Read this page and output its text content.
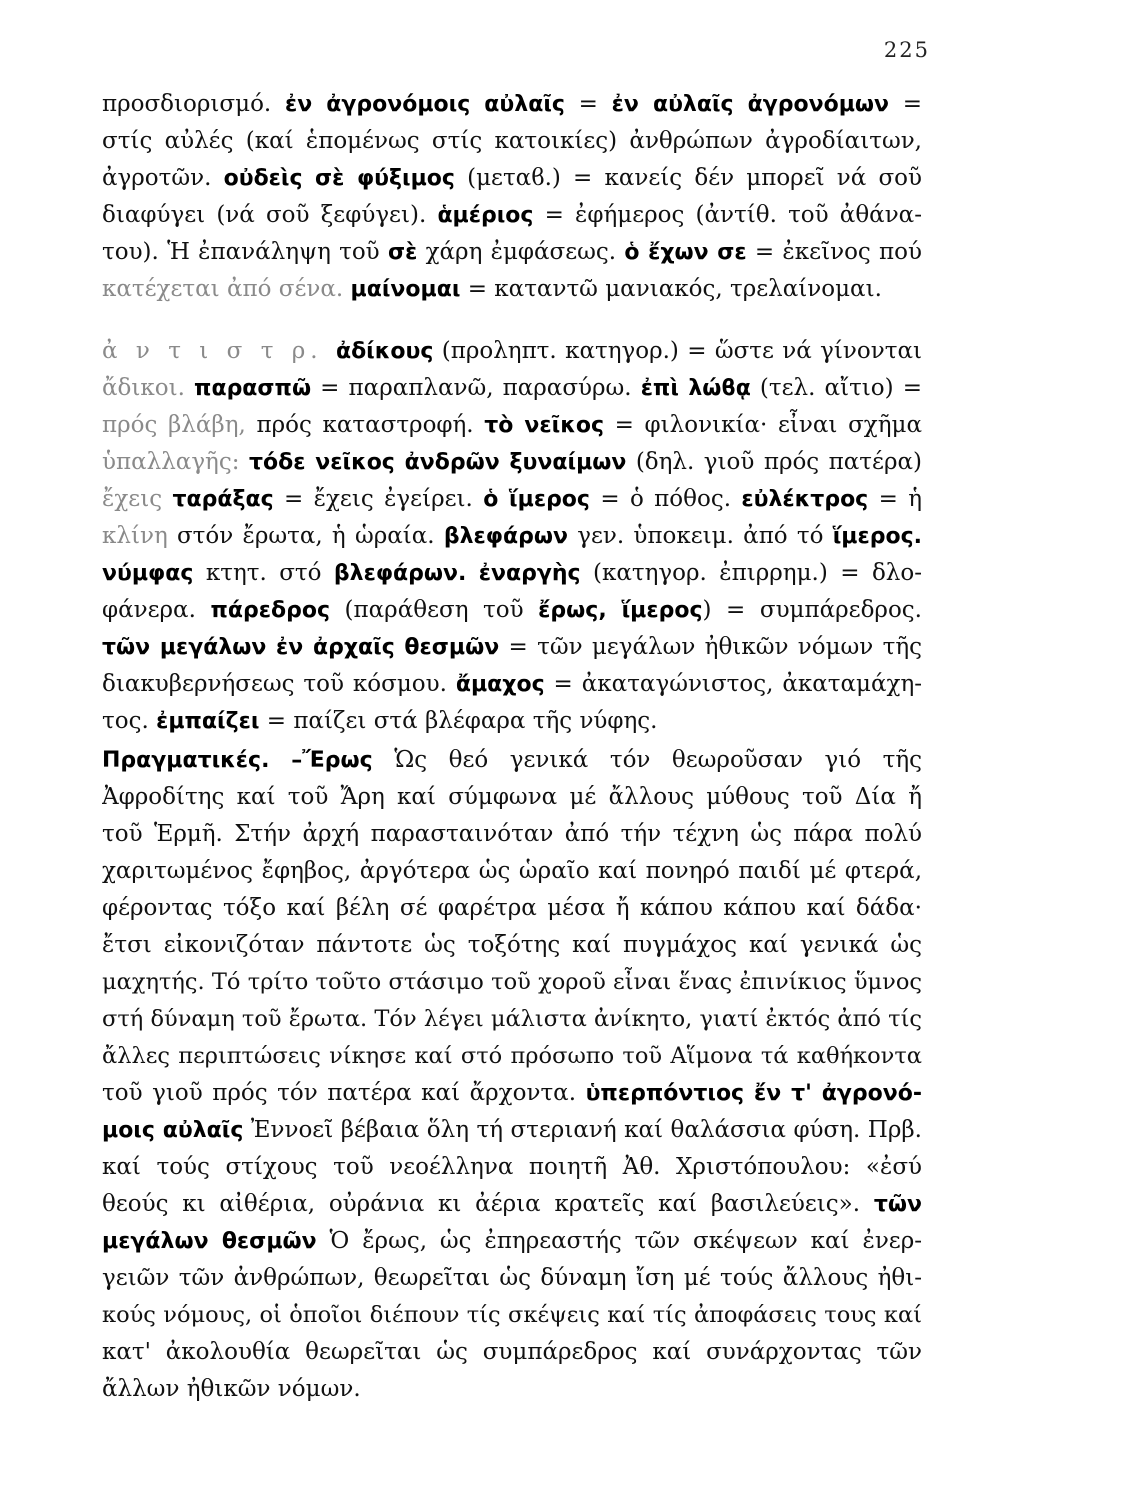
225
προσδιορισμό. ἐν ἀγρονόμοις αὐλαῖς = ἐν αὐλαῖς ἀγρονόμων =
στίς αὐλές (καί ἑπομένως στίς κατοικίες) ἀνθρώπων ἀγροδίαιτων,
ἀγροτῶν. οὐδεὶς σὲ φύξιμος (μεταϐ.) = κανείς δέν μπορεῖ νά σοῦ
διαφύγει (νά σοῦ ξεφύγει). ἁμέριος = ἐφήμερος (ἀντίθ. τοῦ ἀθάνα-
του). Ἡ ἐπανάληψη τοῦ σὲ χάρη ἐμφάσεως. ὁ ἔχων σε = ἐκεῖνος πού
κατέχεται ἀπό σένα. μαίνομαι = καταντῶ μανιακός, τρελαίνομαι.
ἀ ν τ ι σ τ ρ. ἀδίκους (προληπτ. κατηγορ.) = ὥστε νά γίνονται
ἄδικοι. παρασπῶ = παραπλανῶ, παρασύρω. ἐπὶ λώϐᾳ (τελ. αἴτιο) =
πρός βλάβη, πρός καταστροφή. τὸ νεῖκος = φιλονικία· εἶναι σχῆμα
ὑπαλλαγῆς: τόδε νεῖκος ἀνδρῶν ξυναίμων (δηλ. γιοῦ πρός πατέρα)
ἔχεις ταράξας = ἔχεις ἐγείρει. ὁ ἵμερος = ὁ πόθος. εὐλέκτρος = ἡ
κλίνη στόν ἔρωτα, ἡ ὡραία. βλεφάρων γεν. ὑποκειμ. ἀπό τό ἵμερος.
νύμφας κτητ. στό βλεφάρων. ἐναργὴς (κατηγορ. ἐπιρρημ.) = δλο-
φάνερα. πάρεδρος (παράθεση τοῦ ἔρως, ἵμερος) = συμπάρεδρος.
τῶν μεγάλων ἐν ἀρχαῖς θεσμῶν = τῶν μεγάλων ἠθικῶν νόμων τῆς
διακυβερνήσεως τοῦ κόσμου. ἄμαχος = ἀκαταγώνιστος, ἀκαταμάχη-
τος. ἐμπαίζει = παίζει στά βλέφαρα τῆς νύφης.
Πραγματικές. –Ἔρως Ὡς θεό γενικά τόν θεωροῦσαν γιό τῆς
Ἀφροδίτης καί τοῦ Ἄρη καί σύμφωνα μέ ἄλλους μύθους τοῦ Δία ἤ
τοῦ Ἑρμῆ. Στήν ἀρχή παρασταινόταν ἀπό τήν τέχνη ὡς πάρα πολύ
χαριτωμένος ἔφηβος, ἀργότερα ὡς ὡραῖο καί πονηρό παιδί μέ φτερά,
φέροντας τόξο καί βέλη σέ φαρέτρα μέσα ἤ κάπου κάπου καί δάδα·
ἔτσι εἰκονιζόταν πάντοτε ὡς τοξότης καί πυγμάχος καί γενικά ὡς
μαχητής. Τό τρίτο τοῦτο στάσιμο τοῦ χοροῦ εἶναι ἕνας ἐπινίκιος ὕμνος
στή δύναμη τοῦ ἔρωτα. Τόν λέγει μάλιστα ἀνίκητο, γιατί ἐκτός ἀπό τίς
ἄλλες περιπτώσεις νίκησε καί στό πρόσωπο τοῦ Αἵμονα τά καθήκοντα
τοῦ γιοῦ πρός τόν πατέρα καί ἄρχοντα. ὑπερπόντιος ἔν τ' ἀγρονό-
μοις αὐλαῖς Ἐννοεῖ βέβαια ὅλη τή στεριανή καί θαλάσσια φύση. Πρβ.
καί τούς στίχους τοῦ νεοέλληνα ποιητῆ Ἀθ. Χριστόπουλου: «ἐσύ
θεούς κι αἰθέρια, οὐράνια κι ἀέρια κρατεῖς καί βασιλεύεις». τῶν
μεγάλων θεσμῶν Ὁ ἔρως, ὡς ἐπηρεαστής τῶν σκέψεων καί ἐνερ-
γειῶν τῶν ἀνθρώπων, θεωρεῖται ὡς δύναμη ἴση μέ τούς ἄλλους ἠθι-
κούς νόμους, οἱ ὁποῖοι διέπουν τίς σκέψεις καί τίς ἀποφάσεις τους καί
κατ' ἀκολουθία θεωρεῖται ὡς συμπάρεδρος καί συνάρχοντας τῶν
ἄλλων ἠθικῶν νόμων.
